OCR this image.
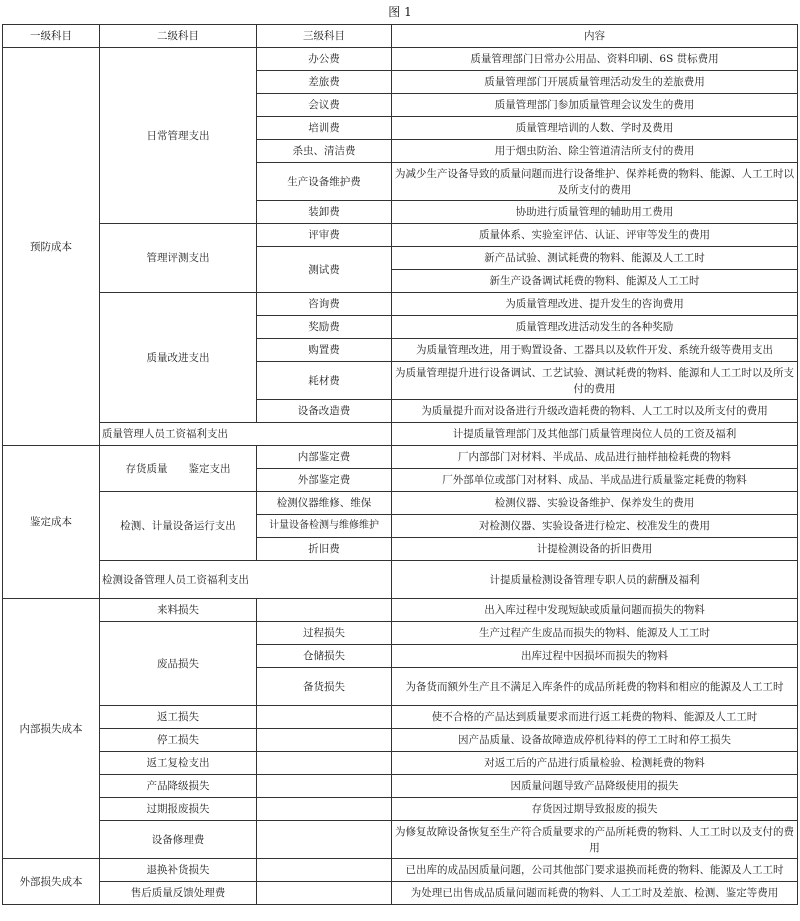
图 1
一级科目	二级科目	三级科目	内容
预防成本	日常管理支出	办公费	质量管理部门日常办公用品、资料印刷、6S 贯标费用
		差旅费	质量管理部门开展质量管理活动发生的差旅费用
		会议费	质量管理部门参加质量管理会议发生的费用
		培训费	质量管理培训的人数、学时及费用
		杀虫、清洁费	用于烟虫防治、除尘管道清洁所支付的费用
		生产设备维护费	为减少生产设备导致的质量问题而进行设备维护、保养耗费的物料、能源、人工工时以及所支付的费用
		装卸费	协助进行质量管理的辅助用工费用
	管理评测支出	评审费	质量体系、实验室评估、认证、评审等发生的费用
		测试费	新产品试验、测试耗费的物料、能源及人工工时
			新生产设备调试耗费的物料、能源及人工工时
	质量改进支出	咨询费	为质量管理改进、提升发生的咨询费用
		奖励费	质量管理改进活动发生的各种奖励
		购置费	为质量管理改进，用于购置设备、工器具以及软件开发、系统升级等费用支出
		耗材费	为质量管理提升进行设备调试、工艺试验、测试耗费的物料、能源和人工工时以及所支付的费用
		设备改造费	为质量提升而对设备进行升级改造耗费的物料、人工工时以及所支付的费用
	质量管理人员工资福利支出		计提质量管理部门及其他部门质量管理岗位人员的工资及福利
鉴定成本	存货质量　　鉴定支出	内部鉴定费	厂内部部门对材料、半成品、成品进行抽样抽检耗费的物料
		外部鉴定费	厂外部单位或部门对材料、成品、半成品进行质量鉴定耗费的物料
	检测、计量设备运行支出	检测仪器维修、维保	检测仪器、实验设备维护、保养发生的费用
		计量设备检测与维修维护	对检测仪器、实验设备进行检定、校准发生的费用
		折旧费	计提检测设备的折旧费用
	检测设备管理人员工资福利支出		计提质量检测设备管理专职人员的薪酬及福利
内部损失成本	来料损失		出入库过程中发现短缺或质量问题而损失的物料
	废品损失	过程损失	生产过程产生废品而损失的物料、能源及人工工时
		仓储损失	出库过程中因损坏而损失的物料
		备货损失	为备货而额外生产且不满足入库条件的成品所耗费的物料和相应的能源及人工工时
	返工损失		使不合格的产品达到质量要求而进行返工耗费的物料、能源及人工工时
	停工损失		因产品质量、设备故障造成停机待料的停工工时和停工损失
	返工复检支出		对返工后的产品进行质量检验、检测耗费的物料
	产品降级损失		因质量问题导致产品降级使用的损失
	过期报废损失		存货因过期导致报废的损失
	设备修理费		为修复故障设备恢复至生产符合质量要求的产品所耗费的物料、人工工时以及支付的费用
外部损失成本	退换补货损失		已出库的成品因质量问题，公司其他部门要求退换而耗费的物料、能源及人工工时
	售后质量反馈处理费		为处理已出售成品质量问题而耗费的物料、人工工时及差旅、检测、鉴定等费用
